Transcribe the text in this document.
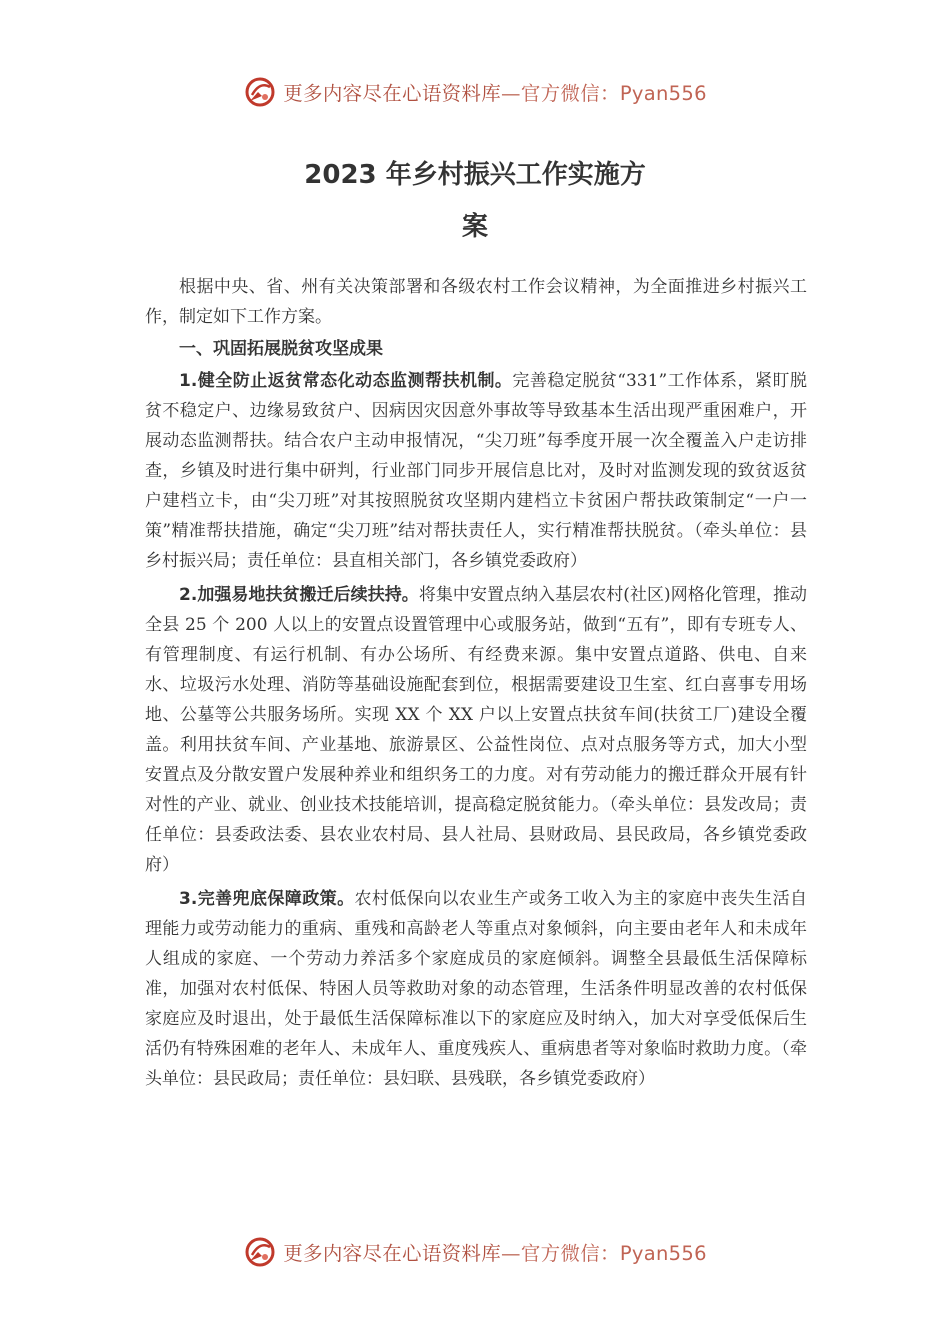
更多内容尽在心语资料库—官方微信：Pyan556
2023 年乡村振兴工作实施方
案

根据中央、省、州有关决策部署和各级农村工作会议精神，为全面推进乡村振兴工作，制定如下工作方案。

一、巩固拓展脱贫攻坚成果

1.健全防止返贫常态化动态监测帮扶机制。完善稳定脱贫“331”工作体系，紧盯脱贫不稳定户、边缘易致贫户、因病因灾因意外事故等导致基本生活出现严重困难户，开展动态监测帮扶。结合农户主动申报情况，“尖刀班”每季度开展一次全覆盖入户走访排查，乡镇及时进行集中研判，行业部门同步开展信息比对，及时对监测发现的致贫返贫户建档立卡，由“尖刀班”对其按照脱贫攻坚期内建档立卡贫困户帮扶政策制定“一户一策”精准帮扶措施，确定“尖刀班”结对帮扶责任人，实行精准帮扶脱贫。（牵头单位：县乡村振兴局；责任单位：县直相关部门，各乡镇党委政府）

2.加强易地扶贫搬迁后续扶持。将集中安置点纳入基层农村(社区)网格化管理，推动全县 25 个 200 人以上的安置点设置管理中心或服务站，做到“五有”，即有专班专人、有管理制度、有运行机制、有办公场所、有经费来源。集中安置点道路、供电、自来水、垃圾污水处理、消防等基础设施配套到位，根据需要建设卫生室、红白喜事专用场地、公墓等公共服务场所。实现 XX 个 XX 户以上安置点扶贫车间(扶贫工厂)建设全覆盖。利用扶贫车间、产业基地、旅游景区、公益性岗位、点对点服务等方式，加大小型安置点及分散安置户发展种养业和组织务工的力度。对有劳动能力的搬迁群众开展有针对性的产业、就业、创业技术技能培训，提高稳定脱贫能力。（牵头单位：县发改局；责任单位：县委政法委、县农业农村局、县人社局、县财政局、县民政局，各乡镇党委政府）

3.完善兜底保障政策。农村低保向以农业生产或务工收入为主的家庭中丧失生活自理能力或劳动能力的重病、重残和高龄老人等重点对象倾斜，向主要由老年人和未成年人组成的家庭、一个劳动力养活多个家庭成员的家庭倾斜。调整全县最低生活保障标准，加强对农村低保、特困人员等救助对象的动态管理，生活条件明显改善的农村低保家庭应及时退出，处于最低生活保障标准以下的家庭应及时纳入，加大对享受低保后生活仍有特殊困难的老年人、未成年人、重度残疾人、重病患者等对象临时救助力度。（牵头单位：县民政局；责任单位：县妇联、县残联，各乡镇党委政府）

更多内容尽在心语资料库—官方微信：Pyan556
